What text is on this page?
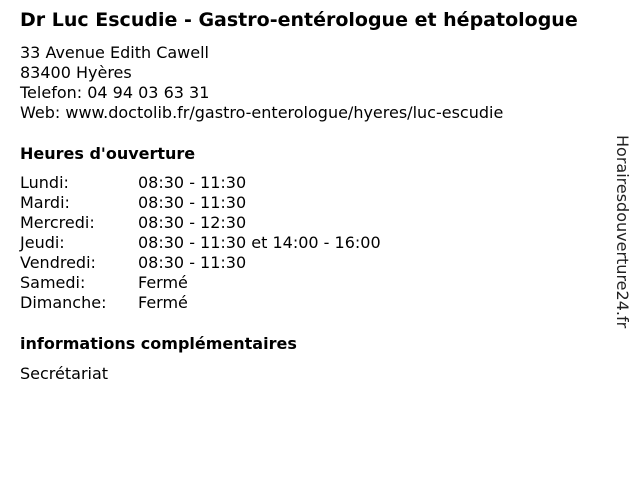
Dr Luc Escudie - Gastro-entérologue et hépatologue
33 Avenue Edith Cawell
83400 Hyères
Telefon: 04 94 03 63 31
Web: www.doctolib.fr/gastro-enterologue/hyeres/luc-escudie
Heures d'ouverture
Lundi:	08:30 - 11:30
Mardi:	08:30 - 11:30
Mercredi:	08:30 - 12:30
Jeudi:	08:30 - 11:30 et 14:00 - 16:00
Vendredi:	08:30 - 11:30
Samedi:	Fermé
Dimanche:	Fermé
informations complémentaires
Secrétariat
Horairesdouverture24.fr
